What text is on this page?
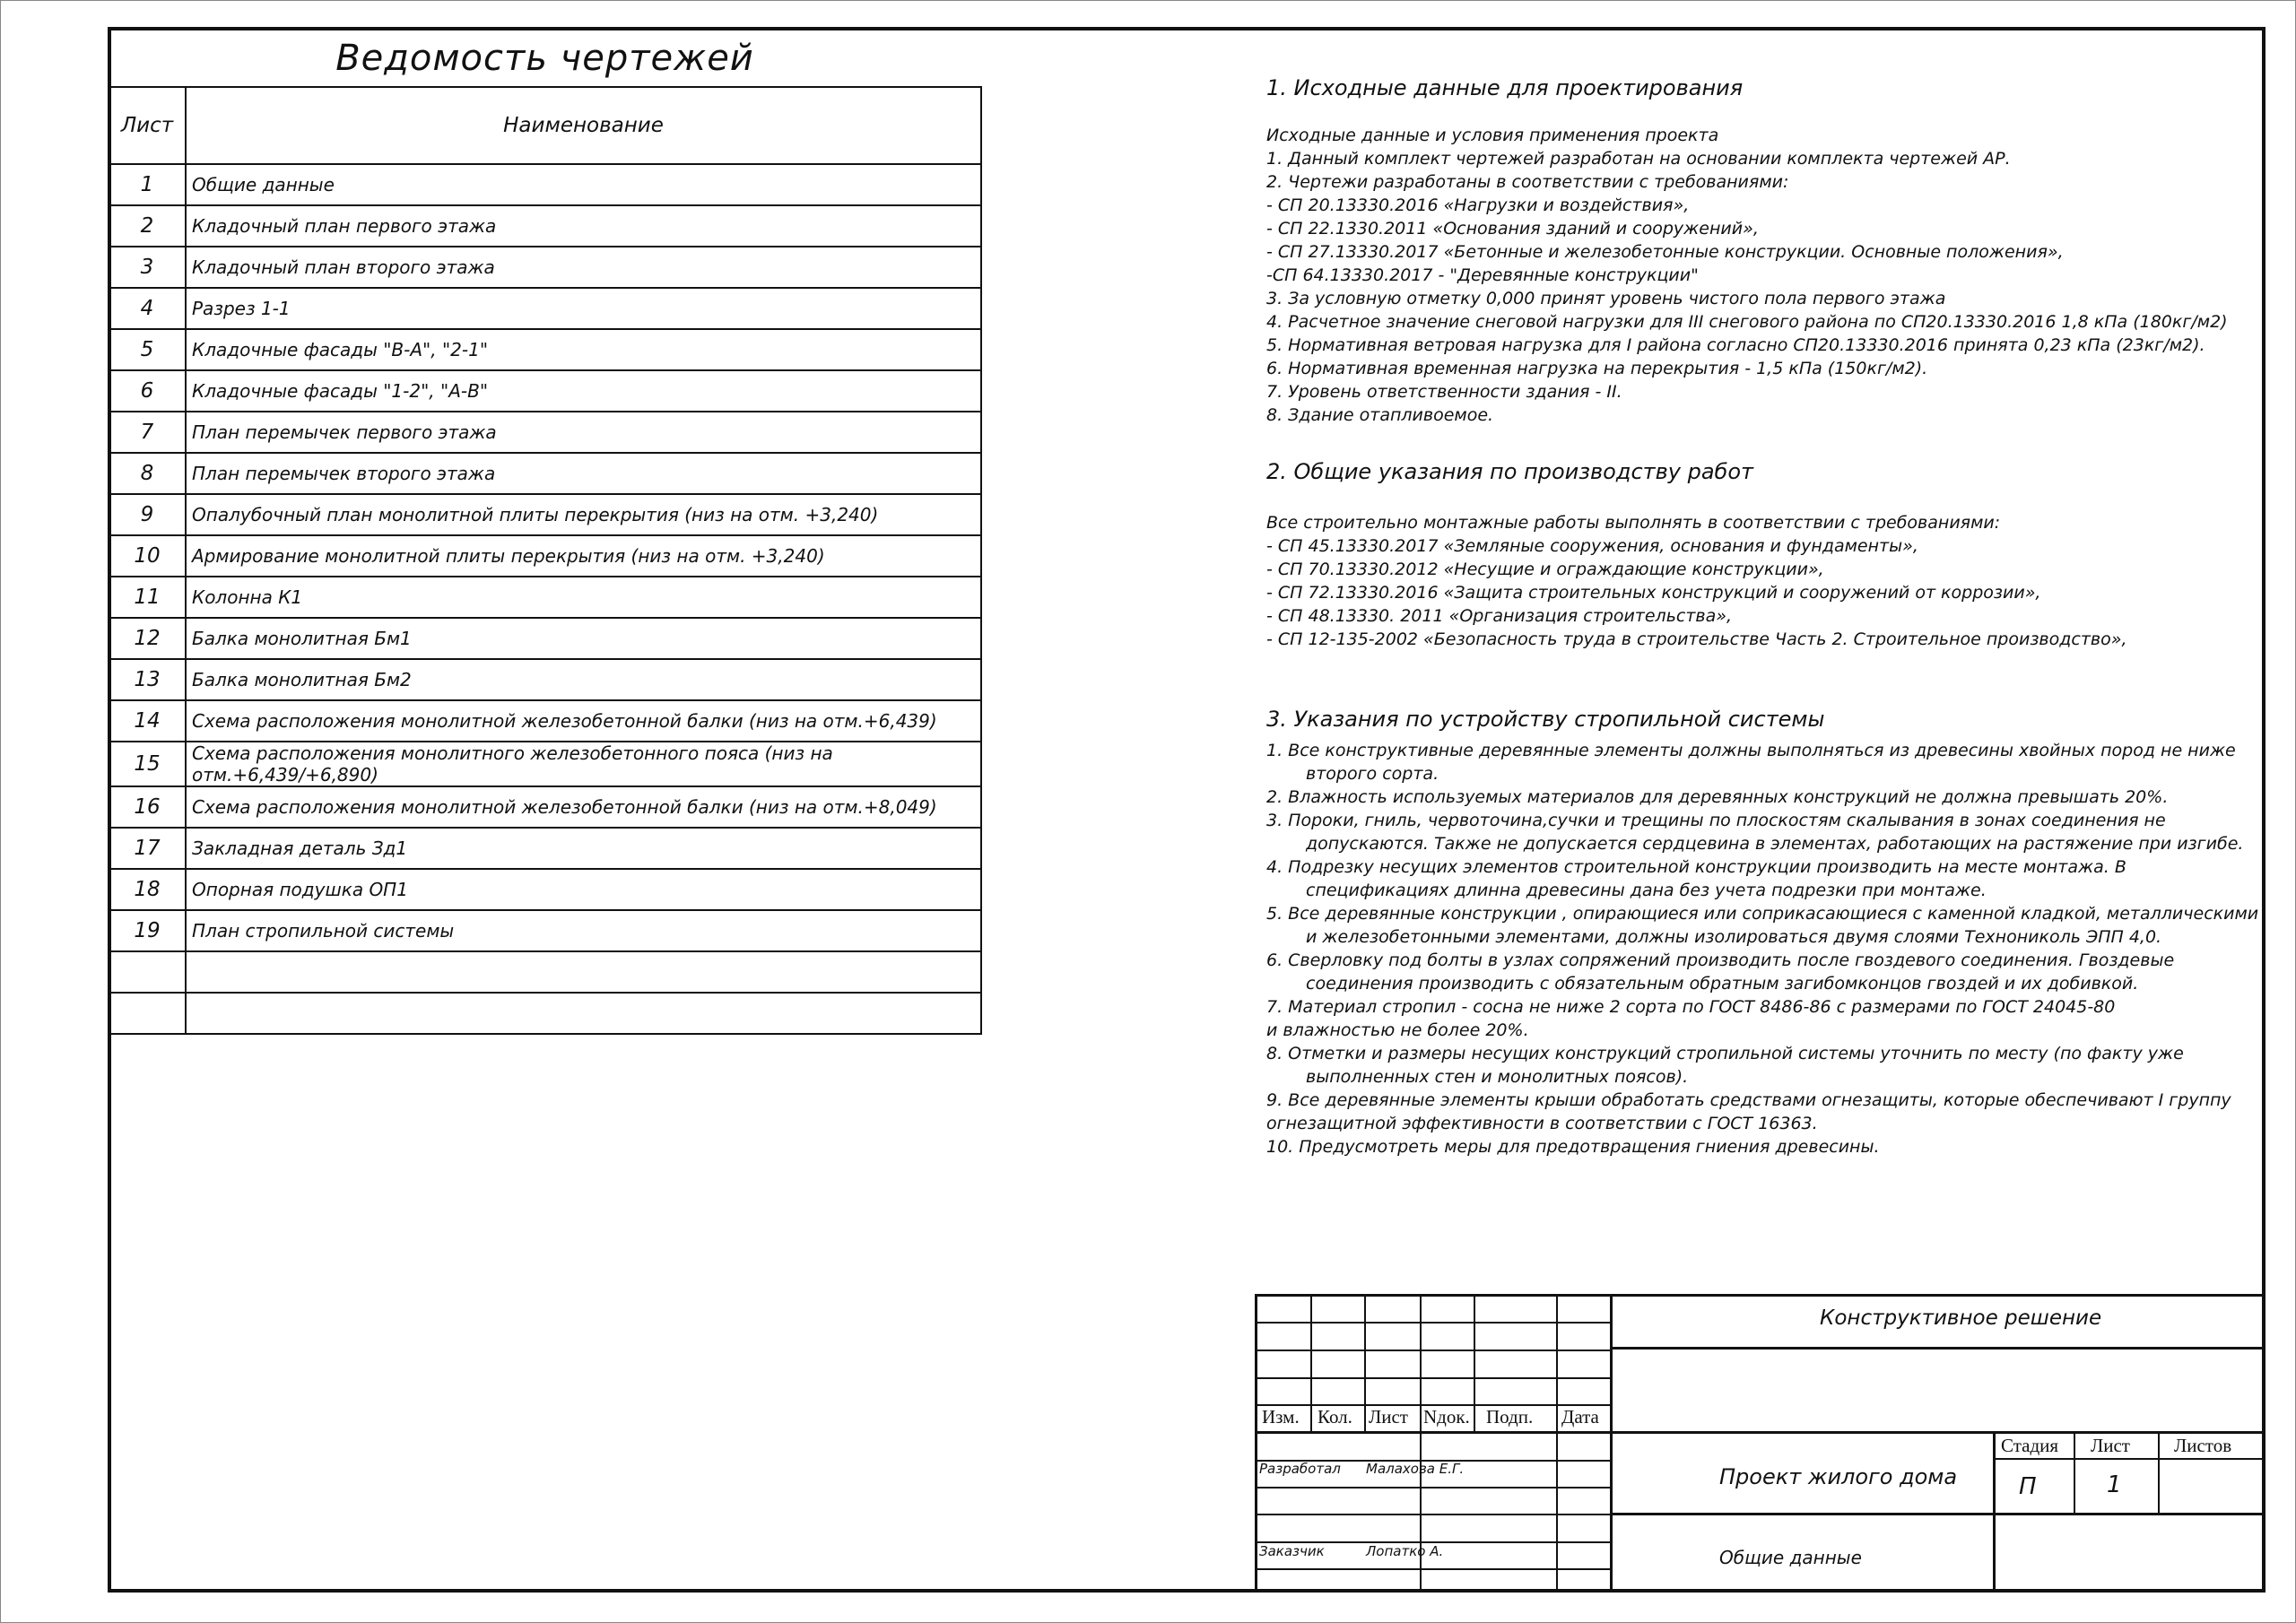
Ведомость чертежей
Лист	Наименование
1	Общие данные
2	Кладочный план первого этажа
3	Кладочный план второго этажа
4	Разрез 1-1
5	Кладочные фасады "В-А", "2-1"
6	Кладочные фасады "1-2", "А-В"
7	План перемычек первого этажа
8	План перемычек второго этажа
9	Опалубочный план монолитной плиты перекрытия (низ на отм. +3,240)
10	Армирование монолитной плиты перекрытия (низ на отм. +3,240)
11	Колонна К1
12	Балка монолитная Бм1
13	Балка монолитная Бм2
14	Схема расположения монолитной железобетонной балки (низ на отм.+6,439)
15	Схема расположения монолитного железобетонного пояса (низ на отм.+6,439/+6,890)
16	Схема расположения монолитной железобетонной балки (низ на отм.+8,049)
17	Закладная деталь Зд1
18	Опорная подушка ОП1
19	План стропильной системы

1. Исходные данные для проектирования

Исходные данные и условия применения проекта

1. Данный комплект чертежей разработан на основании комплекта чертежей АР.

2. Чертежи разработаны в соответствии с требованиями:

- СП 20.13330.2016 «Нагрузки и воздействия»,

- СП 22.1330.2011 «Основания зданий и сооружений»,

- СП 27.13330.2017 «Бетонные и железобетонные конструкции. Основные положения»,

-СП 64.13330.2017 - "Деревянные конструкции"

3. За условную отметку 0,000 принят уровень чистого пола первого этажа

4. Расчетное значение снеговой нагрузки для III снегового района по СП20.13330.2016 1,8 кПа (180кг/м2)

5. Нормативная ветровая нагрузка для I района согласно СП20.13330.2016 принята 0,23 кПа (23кг/м2).

6. Нормативная временная нагрузка на перекрытия - 1,5 кПа (150кг/м2).

7. Уровень ответственности здания - II.

8. Здание отапливоемое.

2. Общие указания по производству работ

Все строительно монтажные работы выполнять в соответствии с требованиями:

- СП 45.13330.2017 «Земляные сооружения, основания и фундаменты»,

- СП 70.13330.2012 «Несущие и ограждающие конструкции»,

- СП 72.13330.2016 «Защита строительных конструкций и сооружений от коррозии»,

- СП 48.13330. 2011 «Организация строительства»,

- СП 12-135-2002 «Безопасность труда в строительстве Часть 2. Строительное производство»,

3. Указания по устройству стропильной системы

1. Все конструктивные деревянные элементы должны выполняться из древесины хвойных пород не ниже

второго сорта.

2. Влажность используемых материалов для деревянных конструкций не должна превышать 20%.

3. Пороки, гниль, червоточина,сучки и трещины по плоскостям скалывания в зонах соединения не

допускаются. Также не допускается сердцевина в элементах, работающих на растяжение при изгибе.

4. Подрезку несущих элементов строительной конструкции производить на месте монтажа. В

спецификациях длинна древесины дана без учета подрезки при монтаже.

5. Все деревянные конструкции , опирающиеся или соприкасающиеся с каменной кладкой, металлическими

и железобетонными элементами, должны изолироваться двумя слоями Технониколь ЭПП 4,0.

6. Сверловку под болты в узлах сопряжений производить после гвоздевого соединения. Гвоздевые

соединения производить с обязательным обратным загибомконцов гвоздей и их добивкой.

7. Материал стропил - сосна не ниже 2 сорта по ГОСТ 8486-86 с размерами по ГОСТ 24045-80

и влажностью не более 20%.

8. Отметки и размеры несущих конструкций стропильной системы уточнить по месту (по факту уже

выполненных стен и монолитных поясов).

9. Все деревянные элементы крыши обработать средствами огнезащиты, которые обеспечивают I группу

огнезащитной эффективности в соответствии с ГОСТ 16363.

10. Предусмотреть меры для предотвращения гниения древесины.

Конструктивное решение
Изм. Кол. Лист Nдок. Подп. Дата
Разработал Малахова Е.Г.
Заказчик	Лопатко А.
Проект жилого дома
Общие данные
Стадия Лист Листов
П	1
